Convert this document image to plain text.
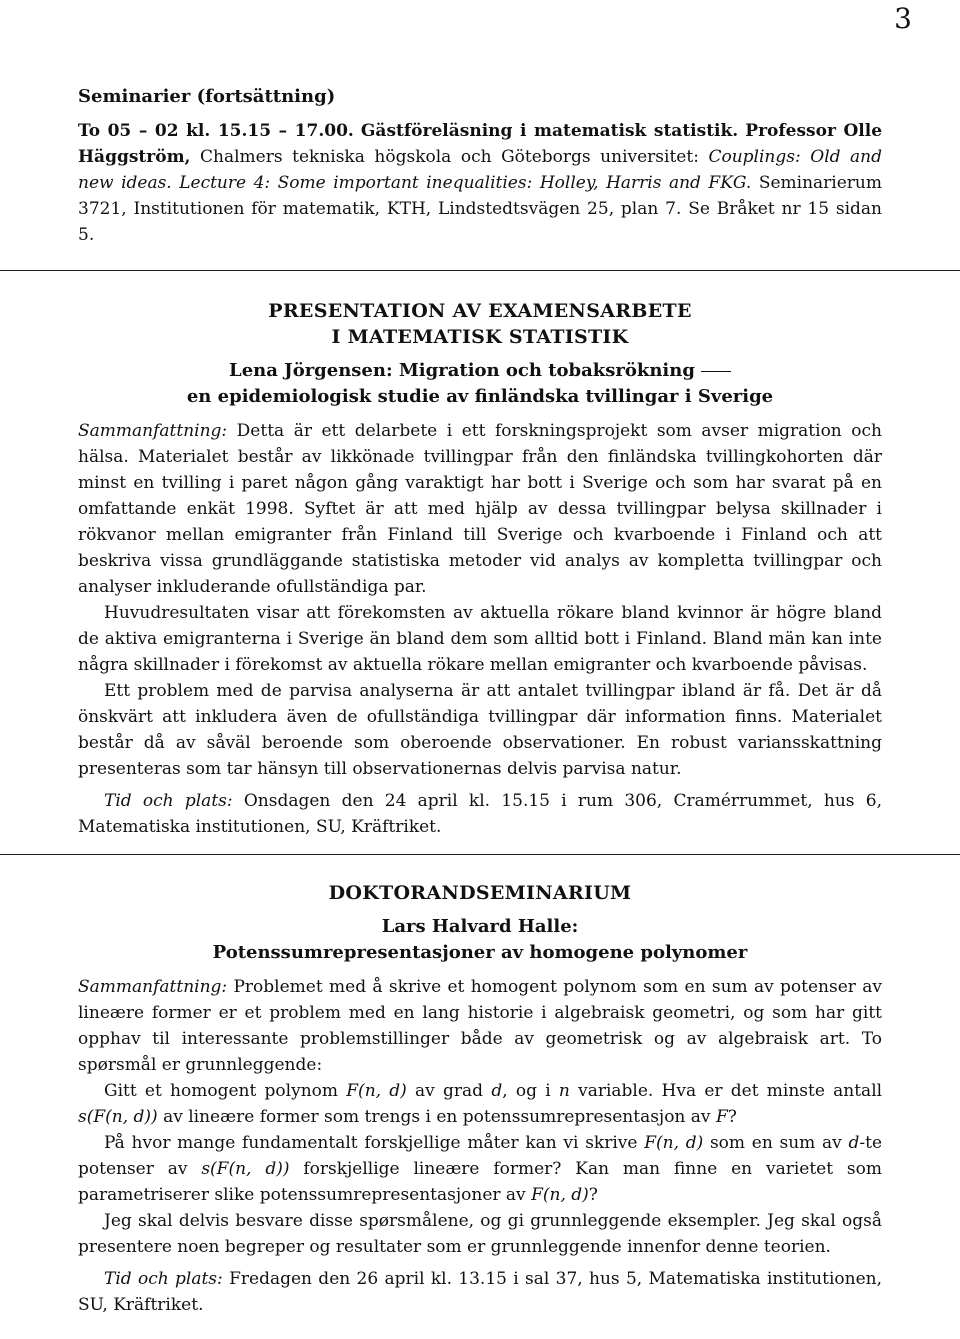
3
Seminarier (fortsättning)
To 05 – 02 kl. 15.15 – 17.00. Gästföreläsning i matematisk statistik. Professor Olle Häggström, Chalmers tekniska högskola och Göteborgs universitet: Couplings: Old and new ideas. Lecture 4: Some important inequalities: Holley, Harris and FKG. Seminarierum 3721, Institutionen för matematik, KTH, Lindstedtsvägen 25, plan 7. Se Bråket nr 15 sidan 5.
PRESENTATION AV EXAMENSARBETE
I MATEMATISK STATISTIK
Lena Jörgensen: Migration och tobaksrökning
en epidemiologisk studie av finländska tvillingar i Sverige

Sammanfattning: Detta är ett delarbete i ett forskningsprojekt som avser migration och hälsa. Materialet består av likkönade tvillingpar från den finländska tvillingkohorten där minst en tvilling i paret någon gång varaktigt har bott i Sverige och som har svarat på en omfattande enkät 1998. Syftet är att med hjälp av dessa tvillingpar belysa skillnader i rökvanor mellan emigranter från Finland till Sverige och kvarboende i Finland och att beskriva vissa grundläggande statistiska metoder vid analys av kompletta tvillingpar och analyser inkluderande ofullständiga par.

Huvudresultaten visar att förekomsten av aktuella rökare bland kvinnor är högre bland de aktiva emigranterna i Sverige än bland dem som alltid bott i Finland. Bland män kan inte några skillnader i förekomst av aktuella rökare mellan emigranter och kvarboende påvisas.

Ett problem med de parvisa analyserna är att antalet tvillingpar ibland är få. Det är då önskvärt att inkludera även de ofullständiga tvillingpar där information finns. Materialet består då av såväl beroende som oberoende observationer. En robust variansskattning presenteras som tar hänsyn till observationernas delvis parvisa natur.

Tid och plats: Onsdagen den 24 april kl. 15.15 i rum 306, Cramérrummet, hus 6, Matematiska institutionen, SU, Kräftriket.

DOKTORANDSEMINARIUM
Lars Halvard Halle:
Potenssumrepresentasjoner av homogene polynomer

Sammanfattning: Problemet med å skrive et homogent polynom som en sum av potenser av lineære former er et problem med en lang historie i algebraisk geometri, og som har gitt opphav til interessante problemstillinger både av geometrisk og av algebraisk art. To spørsmål er grunnleggende:

Gitt et homogent polynom F(n, d) av grad d, og i n variable. Hva er det minste antall s(F(n, d)) av lineære former som trengs i en potenssumrepresentasjon av F?

På hvor mange fundamentalt forskjellige måter kan vi skrive F(n, d) som en sum av d-te potenser av s(F(n, d)) forskjellige lineære former? Kan man finne en varietet som parametriserer slike potenssumrepresentasjoner av F(n, d)?

Jeg skal delvis besvare disse spørsmålene, og gi grunnleggende eksempler. Jeg skal også presentere noen begreper og resultater som er grunnleggende innenfor denne teorien.

Tid och plats: Fredagen den 26 april kl. 13.15 i sal 37, hus 5, Matematiska institutionen, SU, Kräftriket.
